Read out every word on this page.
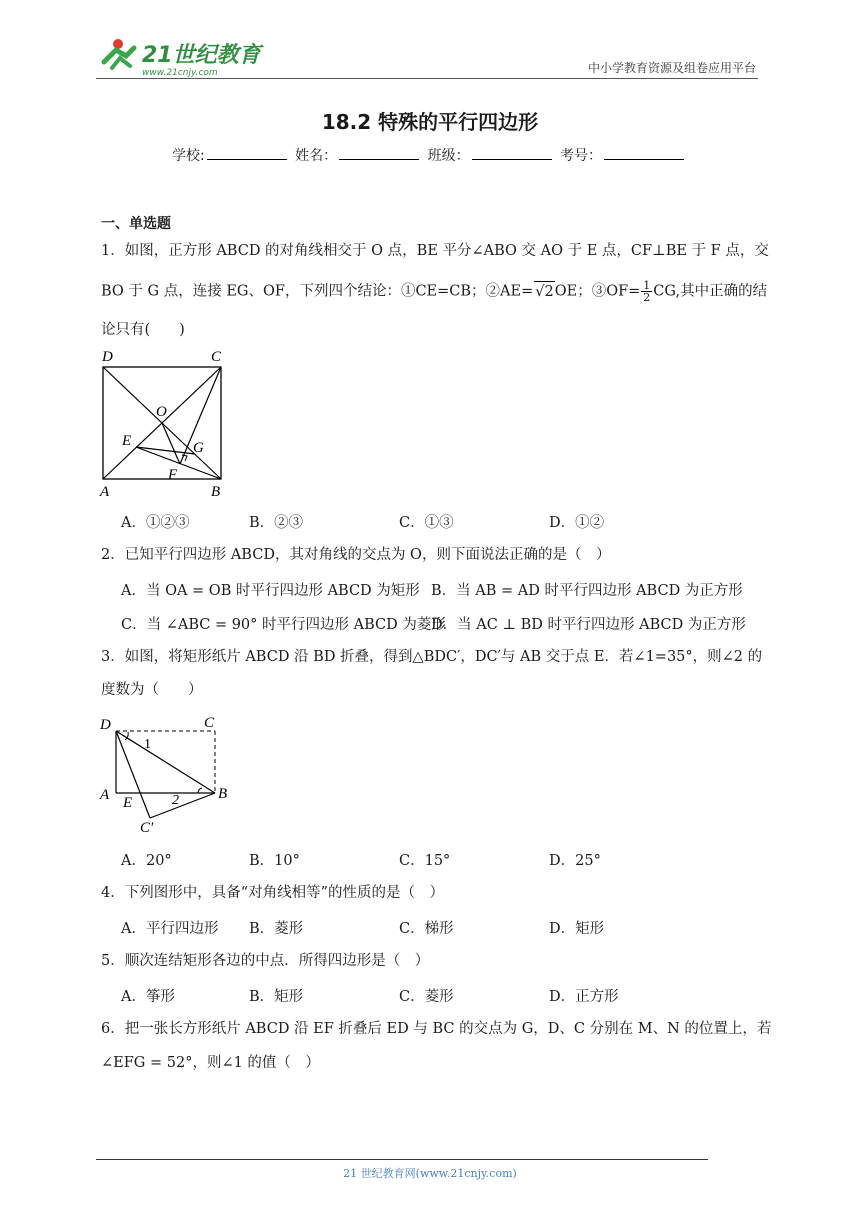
21世纪教育
www.21cnjy.com	中小学教育资源及组卷应用平台
18.2 特殊的平行四边形
学校:	姓名：	班级：	考号：
一、单选题
1．如图，正方形 ABCD 的对角线相交于 O 点，BE 平分∠ABO 交 AO 于 E 点，CF⊥BE 于 F 点，交
BO 于 G 点，连接 EG、OF，下列四个结论：①CE=CB；②AE= √2OE；③OF= $\frac{1}{2}$ CG,其中正确的结
论只有(　　)
D	C
O
E	G
F
A	B
A．①②③	B．②③	C．①③	D．①②
2．已知平行四边形 ABCD，其对角线的交点为 O，则下面说法正确的是（　）
A．当 OA = OB 时平行四边形 ABCD 为矩形 B．当 AB = AD 时平行四边形 ABCD 为正方形
C．当 ∠ABC = 90° 时平行四边形 ABCD 为菱形
D．当 AC ⊥ BD 时平行四边形 ABCD 为正方形
3．如图，将矩形纸片 ABCD 沿 BD 折叠，得到△BDC′，DC′与 AB 交于点 E．若∠1=35°，则∠2 的
度数为（　　）
D	C
1
A E	2	B
C′
A．20°	B．10°	C．15°	D．25°
4．下列图形中，具备“对角线相等”的性质的是（　）
A．平行四边形 B．菱形	C．梯形	D．矩形
5．顺次连结矩形各边的中点．所得四边形是（　）
A．筝形	B．矩形	C．菱形	D．正方形
6．把一张长方形纸片 ABCD 沿 EF 折叠后 ED 与 BC 的交点为 G，D、C 分别在 M、N 的位置上，若
∠EFG = 52°，则∠1 的值（　）
21 世纪教育网(www.21cnjy.com)
